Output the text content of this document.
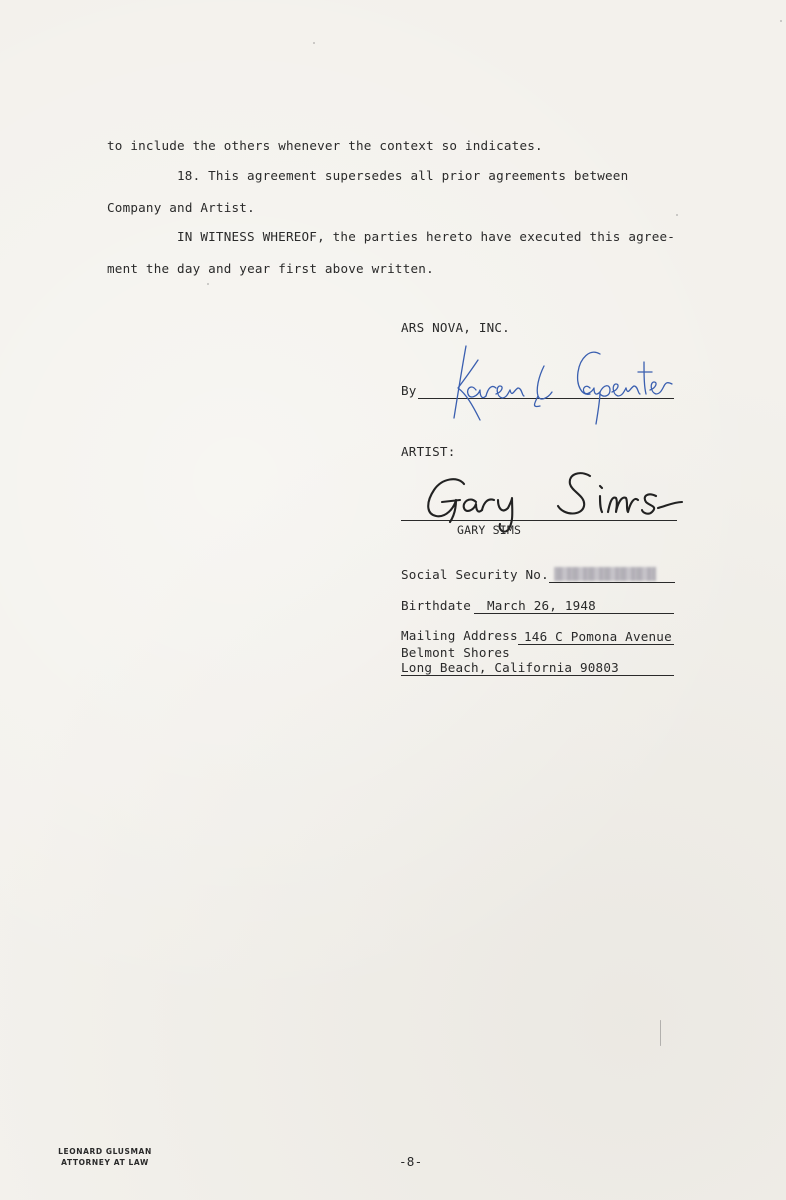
to include the others whenever the context so indicates.
18. This agreement supersedes all prior agreements between
Company and Artist.
IN WITNESS WHEREOF, the parties hereto have executed this agree-
ment the day and year first above written.
ARS NOVA, INC.
By
ARTIST:
GARY SIMS
Social Security No.
Birthdate March 26, 1948
Mailing Address 146 C Pomona Avenue
Belmont Shores
Long Beach, California 90803
LEONARD GLUSMAN
ATTORNEY AT LAW	-8-
